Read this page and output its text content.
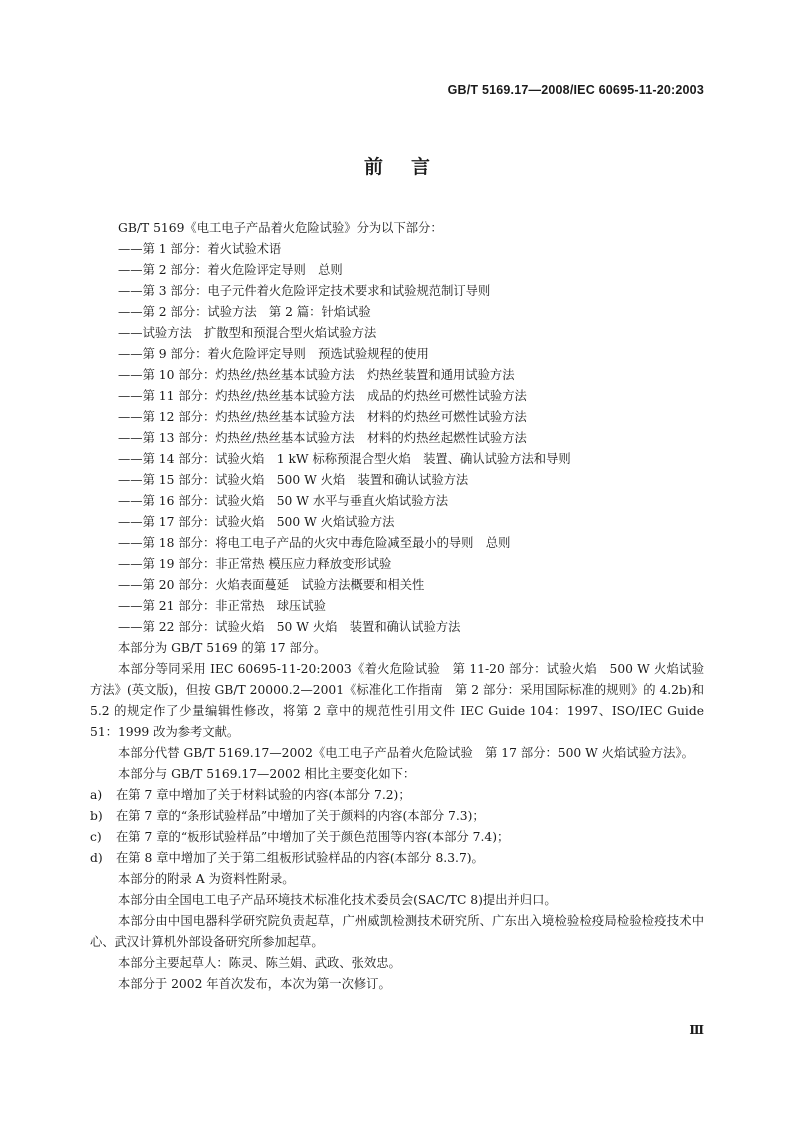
GB/T 5169.17—2008/IEC 60695-11-20:2003
前言

GB/T 5169《电工电子产品着火危险试验》分为以下部分：

——第 1 部分：着火试验术语

——第 2 部分：着火危险评定导则　总则

——第 3 部分：电子元件着火危险评定技术要求和试验规范制订导则

——第 2 部分：试验方法　第 2 篇：针焰试验

——试验方法　扩散型和预混合型火焰试验方法

——第 9 部分：着火危险评定导则　预选试验规程的使用

——第 10 部分：灼热丝/热丝基本试验方法　灼热丝装置和通用试验方法

——第 11 部分：灼热丝/热丝基本试验方法　成品的灼热丝可燃性试验方法

——第 12 部分：灼热丝/热丝基本试验方法　材料的灼热丝可燃性试验方法

——第 13 部分：灼热丝/热丝基本试验方法　材料的灼热丝起燃性试验方法

——第 14 部分：试验火焰　1 kW 标称预混合型火焰　装置、确认试验方法和导则

——第 15 部分：试验火焰　500 W 火焰　装置和确认试验方法

——第 16 部分：试验火焰　50 W 水平与垂直火焰试验方法

——第 17 部分：试验火焰　500 W 火焰试验方法

——第 18 部分：将电工电子产品的火灾中毒危险减至最小的导则　总则

——第 19 部分：非正常热 模压应力释放变形试验

——第 20 部分：火焰表面蔓延　试验方法概要和相关性

——第 21 部分：非正常热　球压试验

——第 22 部分：试验火焰　50 W 火焰　装置和确认试验方法

本部分为 GB/T 5169 的第 17 部分。

本部分等同采用 IEC 60695-11-20:2003《着火危险试验　第 11-20 部分：试验火焰　500 W 火焰试验方法》(英文版)，但按 GB/T 20000.2—2001《标准化工作指南　第 2 部分：采用国际标准的规则》的 4.2b)和 5.2 的规定作了少量编辑性修改，将第 2 章中的规范性引用文件 IEC Guide 104：1997、ISO/IEC Guide 51：1999 改为参考文献。

本部分代替 GB/T 5169.17—2002《电工电子产品着火危险试验　第 17 部分：500 W 火焰试验方法》。

本部分与 GB/T 5169.17—2002 相比主要变化如下：

a) 在第 7 章中增加了关于材料试验的内容(本部分 7.2)；

b) 在第 7 章的“条形试验样品”中增加了关于颜料的内容(本部分 7.3)；

c) 在第 7 章的“板形试验样品”中增加了关于颜色范围等内容(本部分 7.4)；

d) 在第 8 章中增加了关于第二组板形试验样品的内容(本部分 8.3.7)。

本部分的附录 A 为资料性附录。

本部分由全国电工电子产品环境技术标准化技术委员会(SAC/TC 8)提出并归口。

本部分由中国电器科学研究院负责起草，广州威凯检测技术研究所、广东出入境检验检疫局检验检疫技术中心、武汉计算机外部设备研究所参加起草。

本部分主要起草人：陈灵、陈兰娟、武政、张效忠。

本部分于 2002 年首次发布，本次为第一次修订。

Ⅲ
